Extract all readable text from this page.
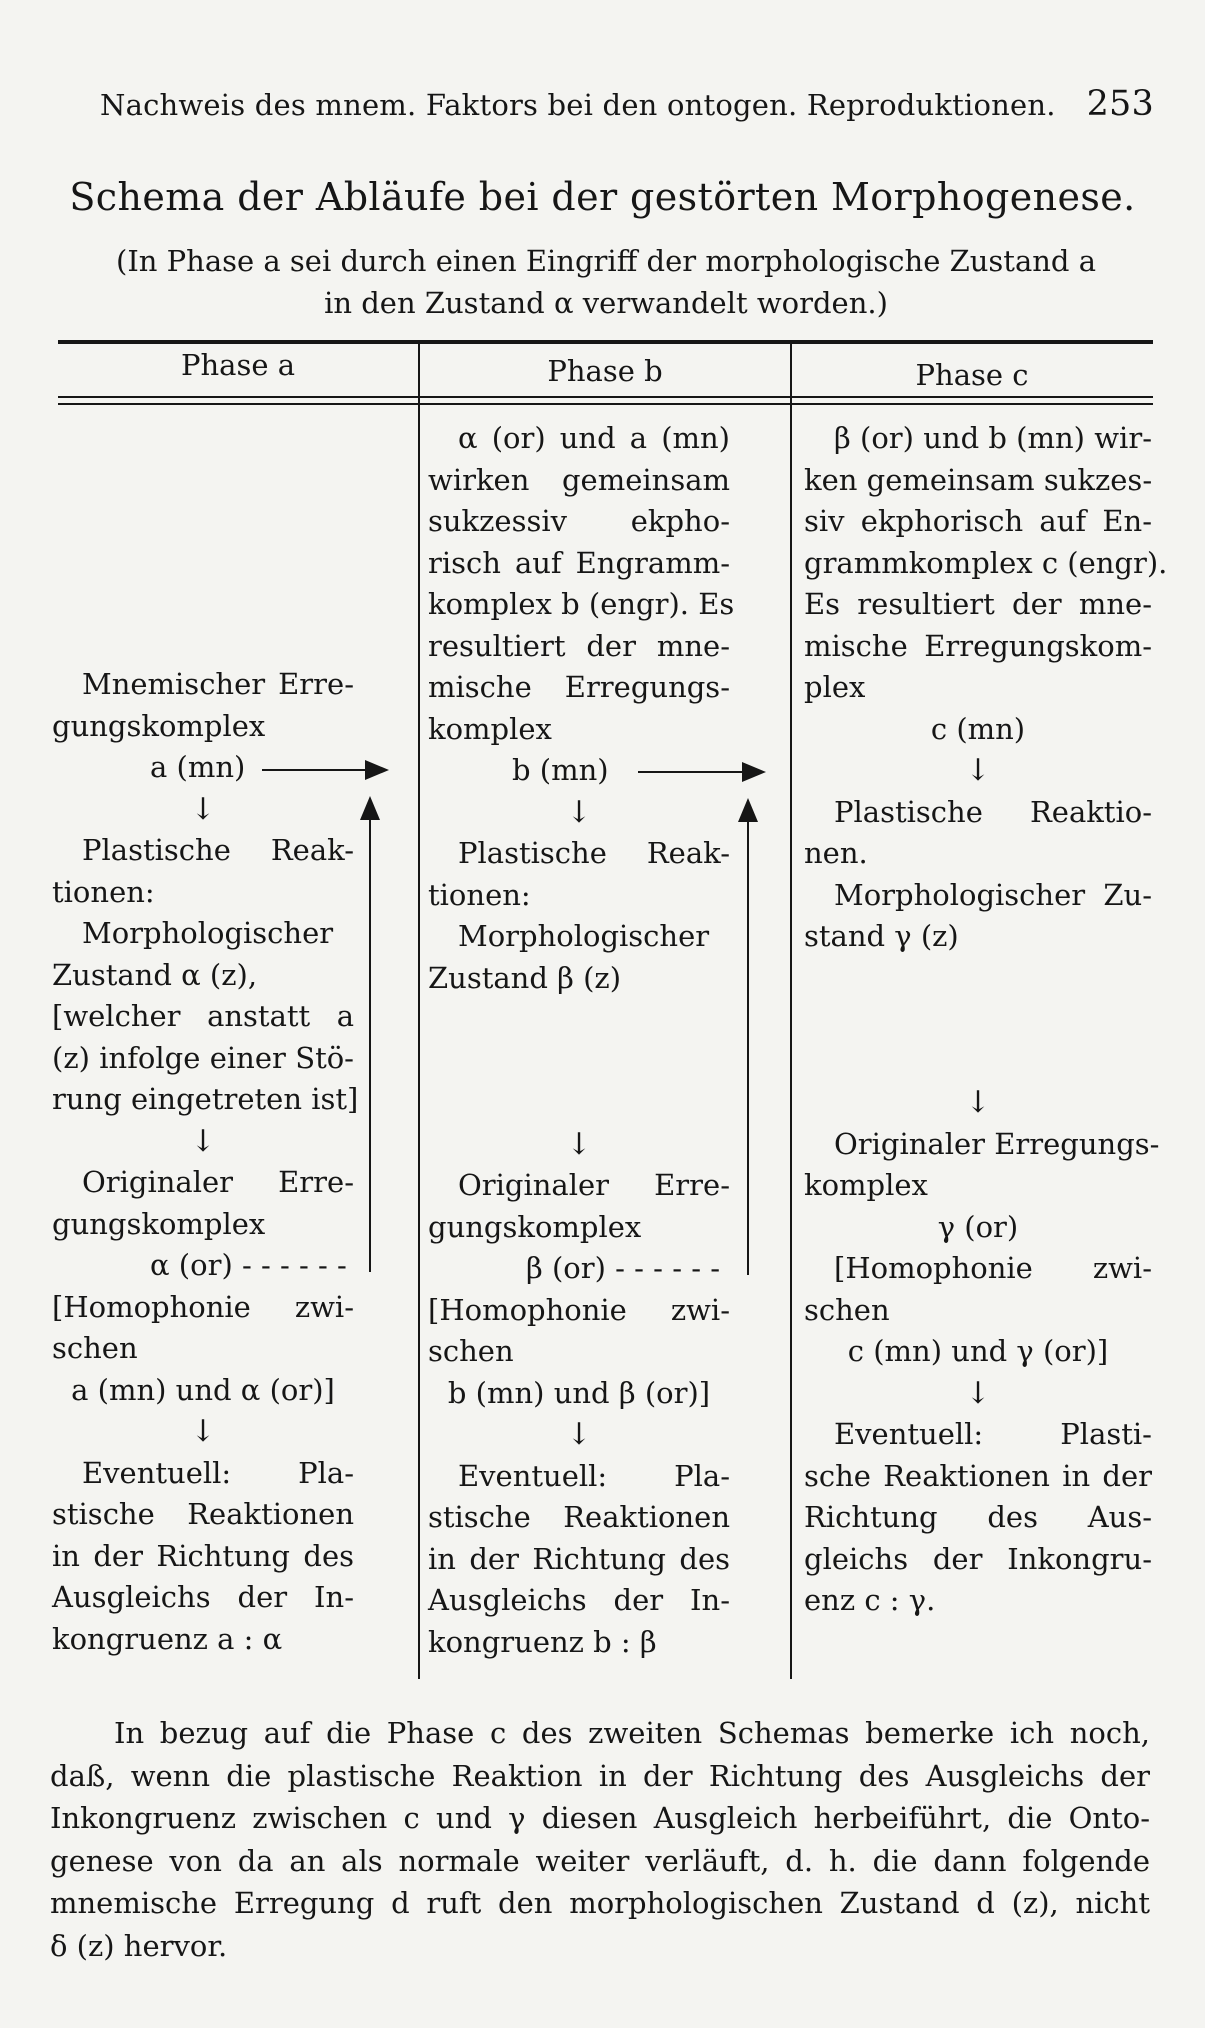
Nachweis des mnem. Faktors bei den ontogen. Reproduktionen. 253
Schema der Abläufe bei der gestörten Morphogenese.
(In Phase a sei durch einen Eingriff der morphologische Zustand a
in den Zustand α verwandelt worden.)
Phase a	Phase b	Phase c
Mnemischer Erre-
gungskomplex
a (mn)
↓
Plastische Reak-
tionen:
Morphologischer
Zustand α (z),
[welcher anstatt a
(z) infolge einer Stö-
rung eingetreten ist]
↓
Originaler Erre-
gungskomplex
α (or) - - - - - -
[Homophonie zwi-
schen
a (mn) und α (or)]
↓
Eventuell: Pla-
stische Reaktionen
in der Richtung des
Ausgleichs der In-
kongruenz a : α
α (or) und a (mn)
wirken gemeinsam
sukzessiv ekpho-
risch auf Engramm-
komplex b (engr). Es
resultiert der mne-
mische Erregungs-
komplex
b (mn)
↓
Plastische Reak-
tionen:
Morphologischer
Zustand β (z)
↓
Originaler Erre-
gungskomplex
β (or) - - - - - -
[Homophonie zwi-
schen
b (mn) und β (or)]
↓
Eventuell: Pla-
stische Reaktionen
in der Richtung des
Ausgleichs der In-
kongruenz b : β
β (or) und b (mn) wir-
ken gemeinsam sukzes-
siv ekphorisch auf En-
grammkomplex c (engr).
Es resultiert der mne-
mische Erregungskom-
plex
c (mn)
↓
Plastische Reaktio-
nen.
Morphologischer Zu-
stand γ (z)
↓
Originaler Erregungs-
komplex
γ (or)
[Homophonie zwi-
schen
c (mn) und γ (or)]
↓
Eventuell: Plasti-
sche Reaktionen in der
Richtung des Aus-
gleichs der Inkongru-
enz c : γ.
In bezug auf die Phase c des zweiten Schemas bemerke ich noch,
daß, wenn die plastische Reaktion in der Richtung des Ausgleichs der
Inkongruenz zwischen c und γ diesen Ausgleich herbeiführt, die Onto-
genese von da an als normale weiter verläuft, d. h. die dann folgende
mnemische Erregung d ruft den morphologischen Zustand d (z), nicht
δ (z) hervor.
